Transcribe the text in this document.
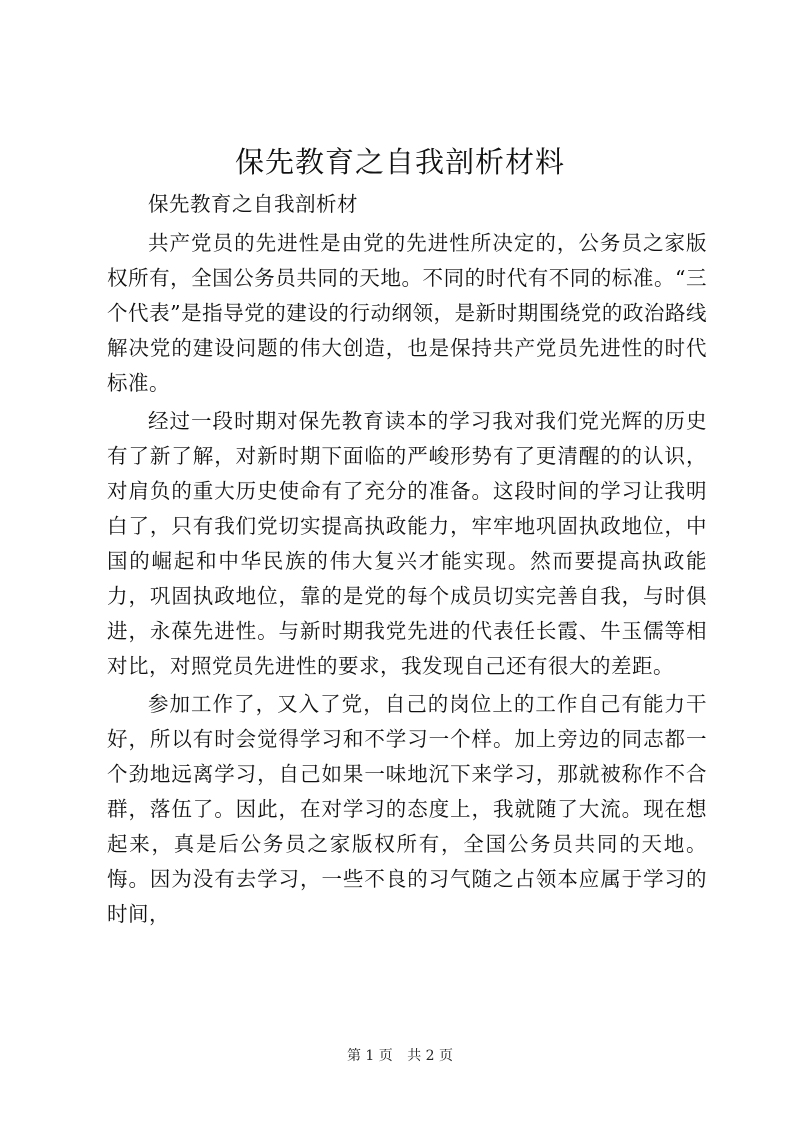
保先教育之自我剖析材料

保先教育之自我剖析材

共产党员的先进性是由党的先进性所决定的，公务员之家版权所有，全国公务员共同的天地。不同的时代有不同的标准。“三个代表”是指导党的建设的行动纲领，是新时期围绕党的政治路线解决党的建设问题的伟大创造，也是保持共产党员先进性的时代标准。

经过一段时期对保先教育读本的学习我对我们党光辉的历史有了新了解，对新时期下面临的严峻形势有了更清醒的的认识，对肩负的重大历史使命有了充分的准备。这段时间的学习让我明白了，只有我们党切实提高执政能力，牢牢地巩固执政地位，中国的崛起和中华民族的伟大复兴才能实现。然而要提高执政能力，巩固执政地位，靠的是党的每个成员切实完善自我，与时俱进，永葆先进性。与新时期我党先进的代表任长霞、牛玉儒等相对比，对照党员先进性的要求，我发现自己还有很大的差距。

参加工作了，又入了党，自己的岗位上的工作自己有能力干好，所以有时会觉得学习和不学习一个样。加上旁边的同志都一个劲地远离学习，自己如果一味地沉下来学习，那就被称作不合群，落伍了。因此，在对学习的态度上，我就随了大流。现在想起来，真是后公务员之家版权所有，全国公务员共同的天地。悔。因为没有去学习，一些不良的习气随之占领本应属于学习的时间，

第 1 页 共 2 页
